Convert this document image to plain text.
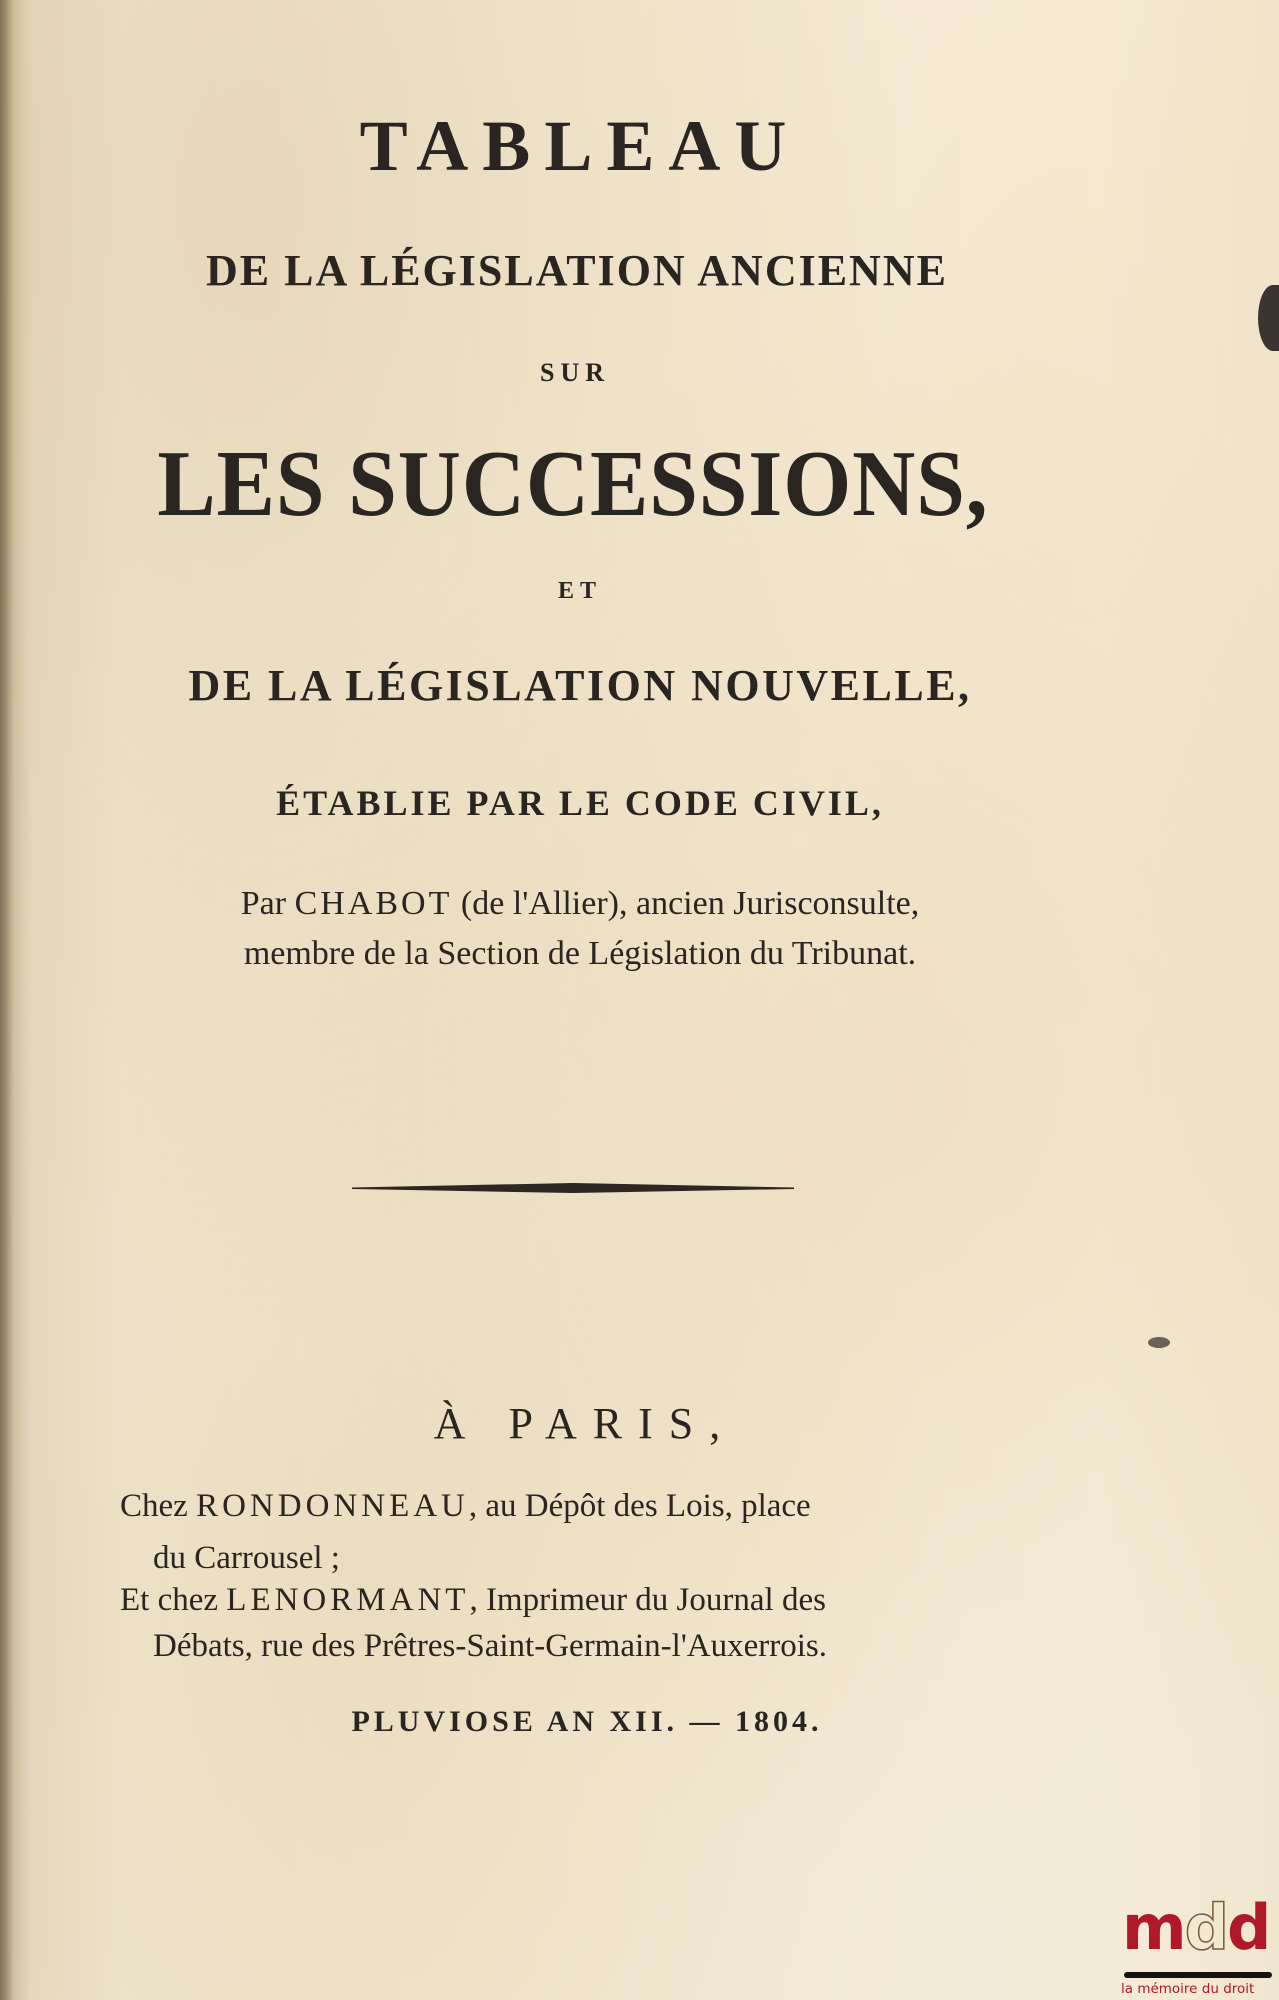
TABLEAU
DE LA LÉGISLATION ANCIENNE
SUR
LES SUCCESSIONS,
ET
DE LA LÉGISLATION NOUVELLE,
ÉTABLIE PAR LE CODE CIVIL,
Par CHABOT (de l'Allier), ancien Jurisconsulte,
membre de la Section de Législation du Tribunat.
À PARIS,
Chez RONDONNEAU, au Dépôt des Lois, place
du Carrousel ;
Et chez LENORMANT, Imprimeur du Journal des
Débats, rue des Prêtres-Saint-Germain-l'Auxerrois.
PLUVIOSE AN XII. — 1804.
mdd
la mémoire du droit
